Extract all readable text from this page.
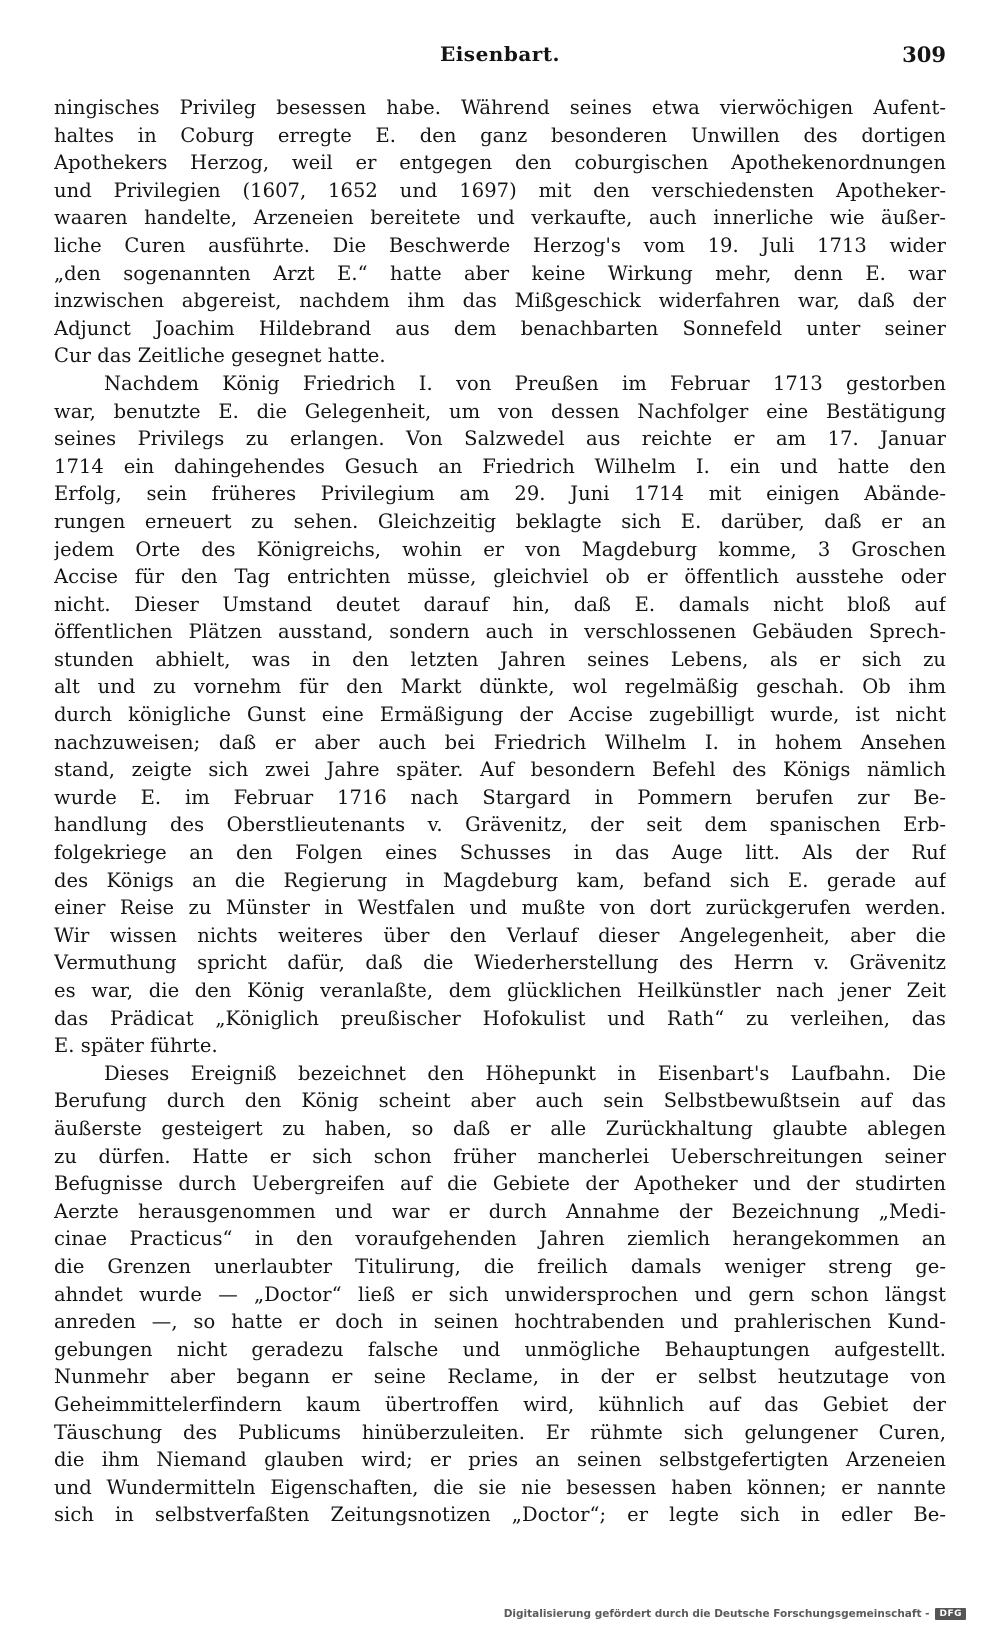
Eisenbart.	309
ningisches Privileg besessen habe. Während seines etwa vierwöchigen Aufent-
haltes in Coburg erregte E. den ganz besonderen Unwillen des dortigen
Apothekers Herzog, weil er entgegen den coburgischen Apothekenordnungen
und Privilegien (1607, 1652 und 1697) mit den verschiedensten Apotheker-
waaren handelte, Arzeneien bereitete und verkaufte, auch innerliche wie äußer-
liche Curen ausführte. Die Beschwerde Herzog's vom 19. Juli 1713 wider
„den sogenannten Arzt E.“ hatte aber keine Wirkung mehr, denn E. war
inzwischen abgereist, nachdem ihm das Mißgeschick widerfahren war, daß der
Adjunct Joachim Hildebrand aus dem benachbarten Sonnefeld unter seiner
Cur das Zeitliche gesegnet hatte.
Nachdem König Friedrich I. von Preußen im Februar 1713 gestorben
war, benutzte E. die Gelegenheit, um von dessen Nachfolger eine Bestätigung
seines Privilegs zu erlangen. Von Salzwedel aus reichte er am 17. Januar
1714 ein dahingehendes Gesuch an Friedrich Wilhelm I. ein und hatte den
Erfolg, sein früheres Privilegium am 29. Juni 1714 mit einigen Abände-
rungen erneuert zu sehen. Gleichzeitig beklagte sich E. darüber, daß er an
jedem Orte des Königreichs, wohin er von Magdeburg komme, 3 Groschen
Accise für den Tag entrichten müsse, gleichviel ob er öffentlich ausstehe oder
nicht. Dieser Umstand deutet darauf hin, daß E. damals nicht bloß auf
öffentlichen Plätzen ausstand, sondern auch in verschlossenen Gebäuden Sprech-
stunden abhielt, was in den letzten Jahren seines Lebens, als er sich zu
alt und zu vornehm für den Markt dünkte, wol regelmäßig geschah. Ob ihm
durch königliche Gunst eine Ermäßigung der Accise zugebilligt wurde, ist nicht
nachzuweisen; daß er aber auch bei Friedrich Wilhelm I. in hohem Ansehen
stand, zeigte sich zwei Jahre später. Auf besondern Befehl des Königs nämlich
wurde E. im Februar 1716 nach Stargard in Pommern berufen zur Be-
handlung des Oberstlieutenants v. Grävenitz, der seit dem spanischen Erb-
folgekriege an den Folgen eines Schusses in das Auge litt. Als der Ruf
des Königs an die Regierung in Magdeburg kam, befand sich E. gerade auf
einer Reise zu Münster in Westfalen und mußte von dort zurückgerufen werden.
Wir wissen nichts weiteres über den Verlauf dieser Angelegenheit, aber die
Vermuthung spricht dafür, daß die Wiederherstellung des Herrn v. Grävenitz
es war, die den König veranlaßte, dem glücklichen Heilkünstler nach jener Zeit
das Prädicat „Königlich preußischer Hofokulist und Rath“ zu verleihen, das
E. später führte.
Dieses Ereigniß bezeichnet den Höhepunkt in Eisenbart's Laufbahn. Die
Berufung durch den König scheint aber auch sein Selbstbewußtsein auf das
äußerste gesteigert zu haben, so daß er alle Zurückhaltung glaubte ablegen
zu dürfen. Hatte er sich schon früher mancherlei Ueberschreitungen seiner
Befugnisse durch Uebergreifen auf die Gebiete der Apotheker und der studirten
Aerzte herausgenommen und war er durch Annahme der Bezeichnung „Medi-
cinae Practicus“ in den voraufgehenden Jahren ziemlich herangekommen an
die Grenzen unerlaubter Titulirung, die freilich damals weniger streng ge-
ahndet wurde — „Doctor“ ließ er sich unwidersprochen und gern schon längst
anreden —, so hatte er doch in seinen hochtrabenden und prahlerischen Kund-
gebungen nicht geradezu falsche und unmögliche Behauptungen aufgestellt.
Nunmehr aber begann er seine Reclame, in der er selbst heutzutage von
Geheimmittelerfindern kaum übertroffen wird, kühnlich auf das Gebiet der
Täuschung des Publicums hinüberzuleiten. Er rühmte sich gelungener Curen,
die ihm Niemand glauben wird; er pries an seinen selbstgefertigten Arzeneien
und Wundermitteln Eigenschaften, die sie nie besessen haben können; er nannte
sich in selbstverfaßten Zeitungsnotizen „Doctor“; er legte sich in edler Be-
Digitalisierung gefördert durch die Deutsche Forschungsgemeinschaft -	DFG
